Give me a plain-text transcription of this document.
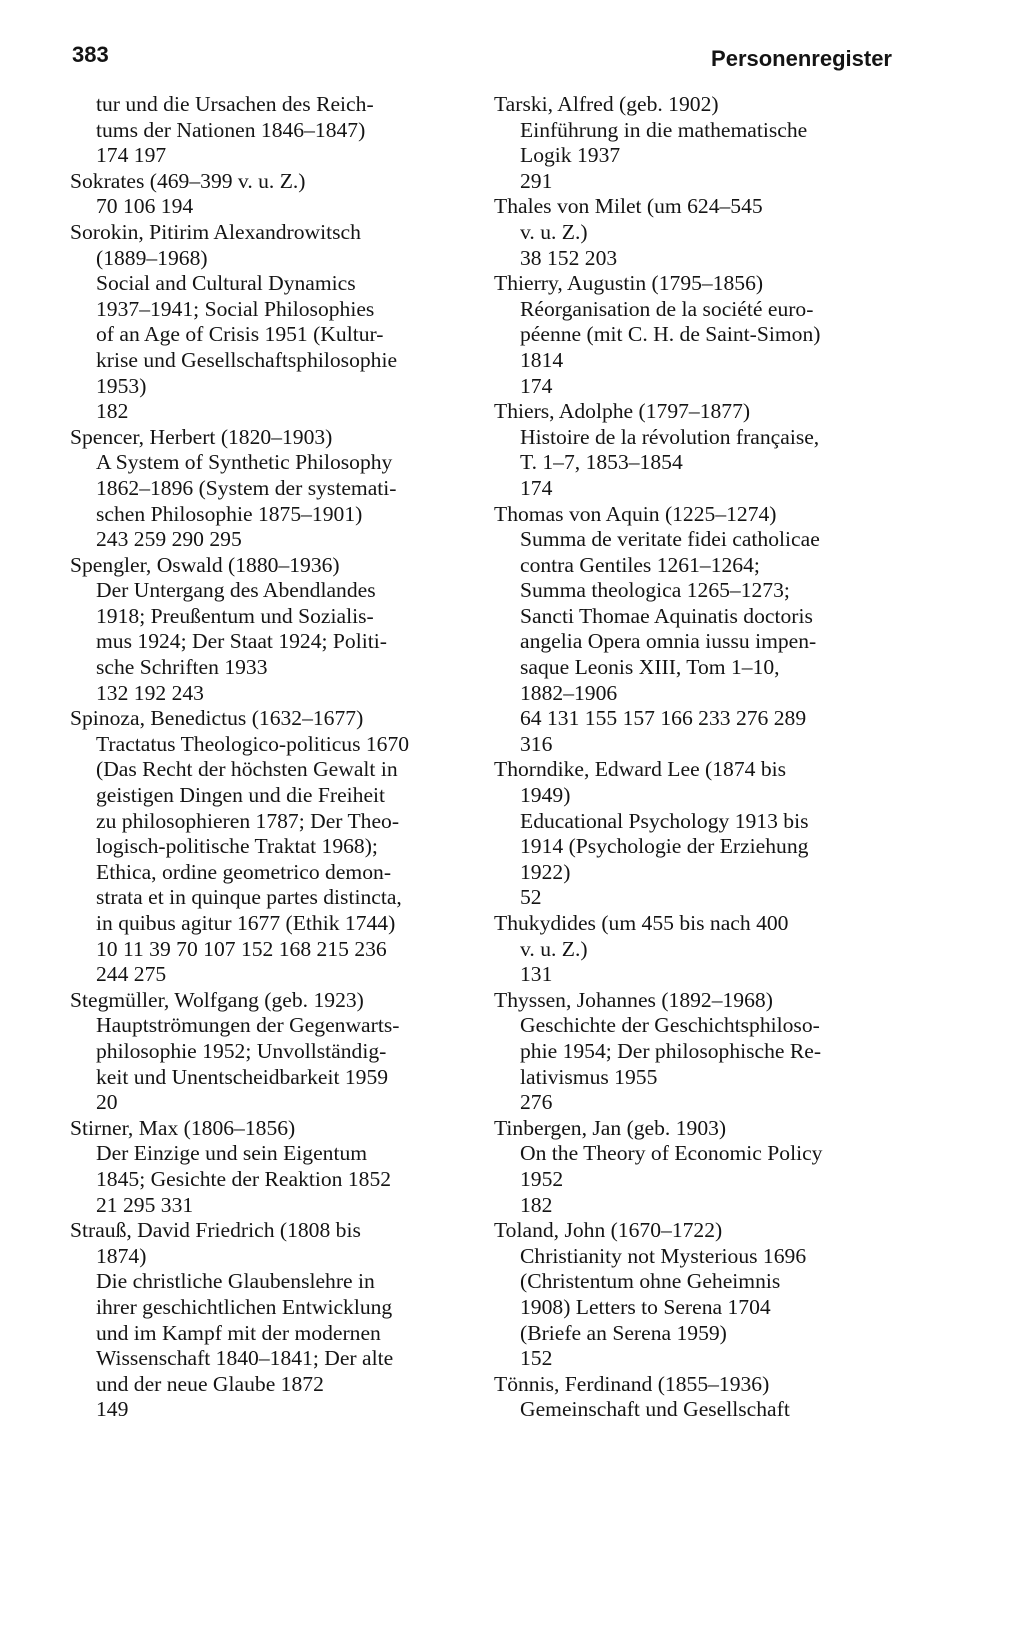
383	Personenregister

tur und die Ursachen des Reich-

tums der Nationen 1846–1847)

174 197

Sokrates (469–399 v. u. Z.)

70 106 194

Sorokin, Pitirim Alexandrowitsch

(1889–1968)

Social and Cultural Dynamics

1937–1941; Social Philosophies

of an Age of Crisis 1951 (Kultur-

krise und Gesellschaftsphilosophie

1953)

182

Spencer, Herbert (1820–1903)

A System of Synthetic Philosophy

1862–1896 (System der systemati-

schen Philosophie 1875–1901)

243 259 290 295

Spengler, Oswald (1880–1936)

Der Untergang des Abendlandes

1918; Preußentum und Sozialis-

mus 1924; Der Staat 1924; Politi-

sche Schriften 1933

132 192 243

Spinoza, Benedictus (1632–1677)

Tractatus Theologico-politicus 1670

(Das Recht der höchsten Gewalt in

geistigen Dingen und die Freiheit

zu philosophieren 1787; Der Theo-

logisch-politische Traktat 1968);

Ethica, ordine geometrico demon-

strata et in quinque partes distincta,

in quibus agitur 1677 (Ethik 1744)

10 11 39 70 107 152 168 215 236

244 275

Stegmüller, Wolfgang (geb. 1923)

Hauptströmungen der Gegenwarts-

philosophie 1952; Unvollständig-

keit und Unentscheidbarkeit 1959

20

Stirner, Max (1806–1856)

Der Einzige und sein Eigentum

1845; Gesichte der Reaktion 1852

21 295 331

Strauß, David Friedrich (1808 bis

1874)

Die christliche Glaubenslehre in

ihrer geschichtlichen Entwicklung

und im Kampf mit der modernen

Wissenschaft 1840–1841; Der alte

und der neue Glaube 1872

149

Tarski, Alfred (geb. 1902)

Einführung in die mathematische

Logik 1937

291

Thales von Milet (um 624–545

v. u. Z.)

38 152 203

Thierry, Augustin (1795–1856)

Réorganisation de la société euro-

péenne (mit C. H. de Saint-Simon)

1814

174

Thiers, Adolphe (1797–1877)

Histoire de la révolution française,

T. 1–7, 1853–1854

174

Thomas von Aquin (1225–1274)

Summa de veritate fidei catholicae

contra Gentiles 1261–1264;

Summa theologica 1265–1273;

Sancti Thomae Aquinatis doctoris

angelia Opera omnia iussu impen-

saque Leonis XIII, Tom 1–10,

1882–1906

64 131 155 157 166 233 276 289

316

Thorndike, Edward Lee (1874 bis

1949)

Educational Psychology 1913 bis

1914 (Psychologie der Erziehung

1922)

52

Thukydides (um 455 bis nach 400

v. u. Z.)

131

Thyssen, Johannes (1892–1968)

Geschichte der Geschichtsphiloso-

phie 1954; Der philosophische Re-

lativismus 1955

276

Tinbergen, Jan (geb. 1903)

On the Theory of Economic Policy

1952

182

Toland, John (1670–1722)

Christianity not Mysterious 1696

(Christentum ohne Geheimnis

1908) Letters to Serena 1704

(Briefe an Serena 1959)

152

Tönnis, Ferdinand (1855–1936)

Gemeinschaft und Gesellschaft
